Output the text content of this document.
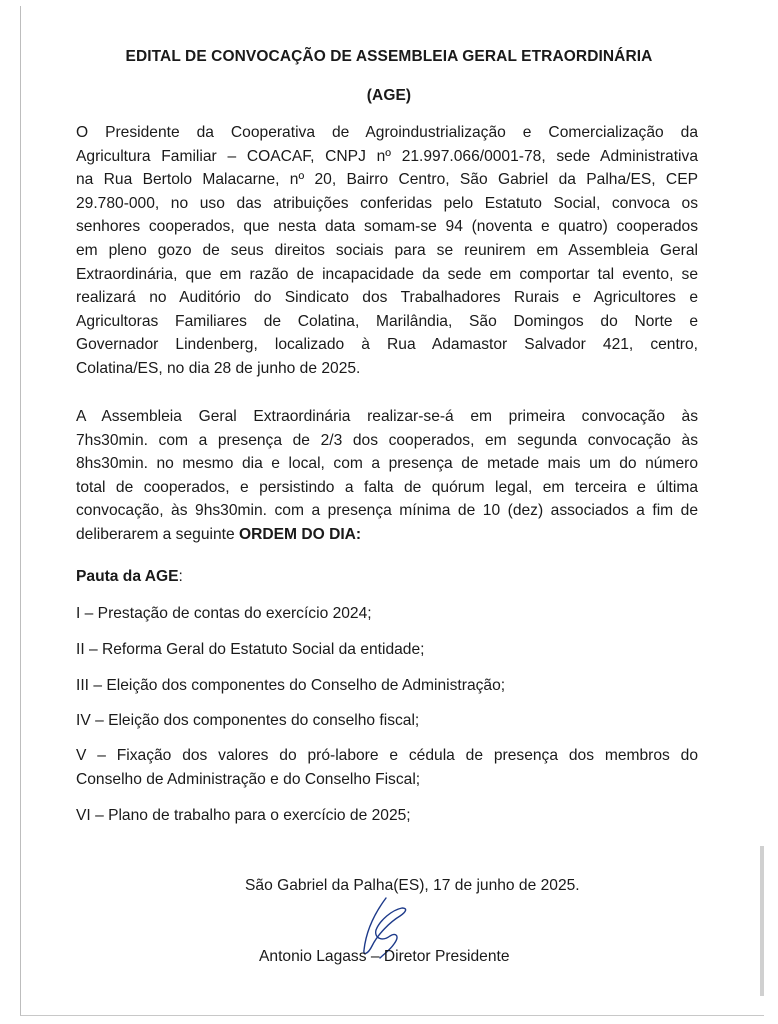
EDITAL DE CONVOCAÇÃO DE ASSEMBLEIA GERAL ETRAORDINÁRIA
(AGE)
O Presidente da Cooperativa de Agroindustrialização e Comercialização da
Agricultura Familiar – COACAF, CNPJ nº 21.997.066/0001-78, sede Administrativa
na Rua Bertolo Malacarne, nº 20, Bairro Centro, São Gabriel da Palha/ES, CEP
29.780-000, no uso das atribuições conferidas pelo Estatuto Social, convoca os
senhores cooperados, que nesta data somam-se 94 (noventa e quatro) cooperados
em pleno gozo de seus direitos sociais para se reunirem em Assembleia Geral
Extraordinária, que em razão de incapacidade da sede em comportar tal evento, se
realizará no Auditório do Sindicato dos Trabalhadores Rurais e Agricultores e
Agricultoras Familiares de Colatina, Marilândia, São Domingos do Norte e
Governador Lindenberg, localizado à Rua Adamastor Salvador 421, centro,
Colatina/ES, no dia 28 de junho de 2025.
A Assembleia Geral Extraordinária realizar-se-á em primeira convocação às
7hs30min. com a presença de 2/3 dos cooperados, em segunda convocação às
8hs30min. no mesmo dia e local, com a presença de metade mais um do número
total de cooperados, e persistindo a falta de quórum legal, em terceira e última
convocação, às 9hs30min. com a presença mínima de 10 (dez) associados a fim de
deliberarem a seguinte ORDEM DO DIA:
Pauta da AGE:
I – Prestação de contas do exercício 2024;
II – Reforma Geral do Estatuto Social da entidade;
III – Eleição dos componentes do Conselho de Administração;
IV – Eleição dos componentes do conselho fiscal;
V – Fixação dos valores do pró-labore e cédula de presença dos membros do
Conselho de Administração e do Conselho Fiscal;
VI – Plano de trabalho para o exercício de 2025;
São Gabriel da Palha(ES), 17 de junho de 2025.
Antonio Lagass – Diretor Presidente
